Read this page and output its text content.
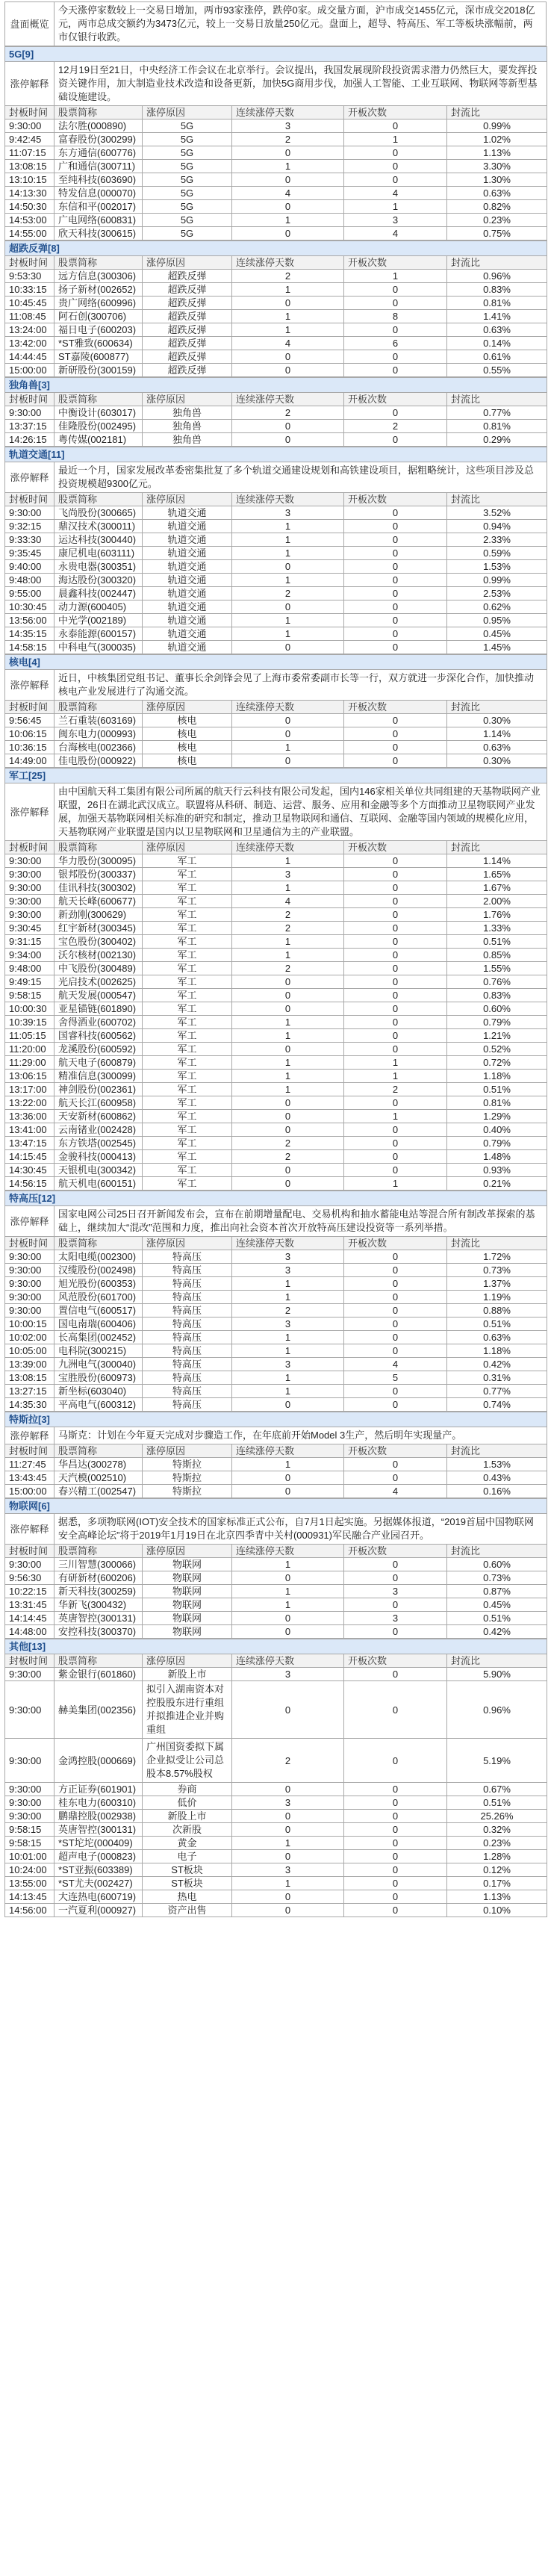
盘面概览	今天涨停家数较上一交易日增加，两市93家涨停，跌停0家。成交量方面，沪市成交1455亿元，深市成交2018亿元，两市总成交额约为3473亿元，较上一交易日放量250亿元。盘面上，超导、特高压、军工等板块涨幅前，两市仅银行收跌。
5G[9]					
涨停解释	12月19日至21日，中央经济工作会议在北京举行。会议提出，我国发展现阶段投资需求潜力仍然巨大，要发挥投资关键作用，加大制造业技术改造和设备更新，加快5G商用步伐，加强人工智能、工业互联网、物联网等新型基础设施建设。				
封板时间	股票简称	涨停原因	连续涨停天数	开板次数	封流比
9:30:00	法尔胜(000890)	5G	3	0	0.99%
9:42:45	富春股份(300299)	5G	2	1	1.02%
11:07:15	东方通信(600776)	5G	0	0	1.13%
13:08:15	广和通信(300711)	5G	1	0	3.30%
13:10:15	至纯科技(603690)	5G	0	0	1.30%
14:13:30	特发信息(000070)	5G	4	4	0.63%
14:50:30	东信和平(002017)	5G	0	1	0.82%
14:53:00	广电网络(600831)	5G	1	3	0.23%
14:55:00	欣天科技(300615)	5G	0	4	0.75%
超跌反弹[8]					
封板时间	股票简称	涨停原因	连续涨停天数	开板次数	封流比
9:53:30	远方信息(300306)	超跌反弹	2	1	0.96%
10:33:15	扬子新材(002652)	超跌反弹	1	0	0.83%
10:45:45	贵广网络(600996)	超跌反弹	0	0	0.81%
11:08:45	阿石创(300706)	超跌反弹	1	8	1.41%
13:24:00	福日电子(600203)	超跌反弹	1	0	0.63%
13:42:00	*ST雅致(600634)	超跌反弹	4	6	0.14%
14:44:45	ST嘉陵(600877)	超跌反弹	0	0	0.61%
15:00:00	新研股份(300159)	超跌反弹	0	0	0.55%
独角兽[3]					
封板时间	股票简称	涨停原因	连续涨停天数	开板次数	封流比
9:30:00	中衡设计(603017)	独角兽	2	0	0.77%
13:37:15	佳隆股份(002495)	独角兽	0	2	0.81%
14:26:15	粤传媒(002181)	独角兽	0	0	0.29%
轨道交通[11]					
涨停解释	最近一个月，国家发展改革委密集批复了多个轨道交通建设规划和高铁建设项目，据粗略统计，这些项目涉及总投资规模超9300亿元。				
封板时间	股票简称	涨停原因	连续涨停天数	开板次数	封流比
9:30:00	飞尚股份(300665)	轨道交通	3	0	3.52%
9:32:15	鼎汉技术(300011)	轨道交通	1	0	0.94%
9:33:30	运达科技(300440)	轨道交通	1	0	2.33%
9:35:45	康尼机电(603111)	轨道交通	1	0	0.59%
9:40:00	永贵电器(300351)	轨道交通	0	0	1.53%
9:48:00	海达股份(300320)	轨道交通	1	0	0.99%
9:55:00	晨鑫科技(002447)	轨道交通	2	0	2.53%
10:30:45	动力源(600405)	轨道交通	0	0	0.62%
13:56:00	中光学(002189)	轨道交通	1	0	0.95%
14:35:15	永泰能源(600157)	轨道交通	1	0	0.45%
14:58:15	中科电气(300035)	轨道交通	0	0	1.45%
核电[4]					
涨停解释	近日，中核集团党组书记、董事长余剑锋会见了上海市委常委副市长等一行，双方就进一步深化合作，加快推动核电产业发展进行了沟通交流。				
封板时间	股票简称	涨停原因	连续涨停天数	开板次数	封流比
9:56:45	兰石重装(603169)	核电	0	0	0.30%
10:06:15	闽东电力(000993)	核电	0	0	1.14%
10:36:15	台海核电(002366)	核电	1	0	0.63%
14:49:00	佳电股份(000922)	核电	0	0	0.30%
军工[25]					
涨停解释	由中国航天科工集团有限公司所属的航天行云科技有限公司发起，国内146家相关单位共同组建的天基物联网产业联盟，26日在湖北武汉成立。联盟将从科研、制造、运营、服务、应用和金融等多个方面推动卫星物联网产业发展，加强天基物联网相关标准的研究和制定，推动卫星物联网和通信、互联网、金融等国内领域的规模化应用，天基物联网产业联盟是国内以卫星物联网和卫星通信为主的产业联盟。				
封板时间	股票简称	涨停原因	连续涨停天数	开板次数	封流比
9:30:00	华力股份(300095)	军工	1	0	1.14%
9:30:00	银邦股份(300337)	军工	3	0	1.65%
9:30:00	佳讯科技(300302)	军工	1	0	1.67%
9:30:00	航天长峰(600677)	军工	4	0	2.00%
9:30:00	新劲刚(300629)	军工	2	0	1.76%
9:30:45	红宇新材(300345)	军工	2	0	1.33%
9:31:15	宝色股份(300402)	军工	1	0	0.51%
9:34:00	沃尔核材(002130)	军工	1	0	0.85%
9:48:00	中飞股份(300489)	军工	2	0	1.55%
9:49:15	光启技术(002625)	军工	0	0	0.76%
9:58:15	航天发展(000547)	军工	0	0	0.83%
10:00:30	亚星锚链(601890)	军工	0	0	0.60%
10:39:15	舍得酒业(600702)	军工	1	0	0.79%
11:05:15	国睿科技(600562)	军工	1	0	1.21%
11:20:00	龙溪股份(600592)	军工	0	0	0.52%
11:29:00	航天电子(600879)	军工	1	1	0.72%
13:06:15	精准信息(300099)	军工	1	1	1.18%
13:17:00	神剑股份(002361)	军工	1	2	0.51%
13:22:00	航天长江(600958)	军工	0	0	0.81%
13:36:00	天安新材(600862)	军工	0	1	1.29%
13:41:00	云南锗业(002428)	军工	0	0	0.40%
13:47:15	东方铁塔(002545)	军工	2	0	0.79%
14:15:45	金骏科技(000413)	军工	2	0	1.48%
14:30:45	天银机电(300342)	军工	0	0	0.93%
14:56:15	航天机电(600151)	军工	0	1	0.21%
特高压[12]					
涨停解释	国家电网公司25日召开新闻发布会，宣布在前期增量配电、交易机构和抽水蓄能电站等混合所有制改革探索的基础上，继续加大“混改”范围和力度，推出向社会资本首次开放特高压建设投资等一系列举措。				
封板时间	股票简称	涨停原因	连续涨停天数	开板次数	封流比
9:30:00	太阳电缆(002300)	特高压	3	0	1.72%
9:30:00	汉缆股份(002498)	特高压	3	0	0.73%
9:30:00	旭光股份(600353)	特高压	1	0	1.37%
9:30:00	风范股份(601700)	特高压	1	0	1.19%
9:30:00	置信电气(600517)	特高压	2	0	0.88%
10:00:15	国电南瑞(600406)	特高压	3	0	0.51%
10:02:00	长高集团(002452)	特高压	1	0	0.63%
10:05:00	电科院(300215)	特高压	1	0	1.18%
13:39:00	九洲电气(300040)	特高压	3	4	0.42%
13:08:15	宝胜股份(600973)	特高压	1	5	0.31%
13:27:15	新坐标(603040)	特高压	1	0	0.77%
14:35:30	平高电气(600312)	特高压	0	0	0.74%
特斯拉[3]					
涨停解释	马斯克：计划在今年夏天完成对步骤造工作，在年底前开始Model 3生产，然后明年实现量产。				
封板时间	股票简称	涨停原因	连续涨停天数	开板次数	封流比
11:27:45	华昌达(300278)	特斯拉	1	0	1.53%
13:43:45	天汽模(002510)	特斯拉	0	0	0.43%
15:00:00	春兴精工(002547)	特斯拉	0	4	0.16%
物联网[6]					
涨停解释	据悉，多项物联网(IOT)安全技术的国家标准正式公布，自7月1日起实施。另据媒体报道，“2019首届中国物联网安全高峰论坛”将于2019年1月19日在北京四季青中关村(000931)军民融合产业园召开。				
封板时间	股票简称	涨停原因	连续涨停天数	开板次数	封流比
9:30:00	三川智慧(300066)	物联网	1	0	0.60%
9:56:30	有研新材(600206)	物联网	0	0	0.73%
10:22:15	新天科技(300259)	物联网	1	3	0.87%
13:31:45	华新飞(300432)	物联网	1	0	0.45%
14:14:45	英唐智控(300131)	物联网	0	3	0.51%
14:48:00	安控科技(300370)	物联网	0	0	0.42%
其他[13]					
封板时间	股票简称	涨停原因	连续涨停天数	开板次数	封流比
9:30:00	紫金银行(601860)	新股上市	3	0	5.90%
9:30:00	赫美集团(002356)	拟引入湖南资本对控股股东进行重组并拟推进企业并购重组	0	0	0.96%
9:30:00	金鸿控股(000669)	广州国资委拟下属企业拟受让公司总股本8.57%股权	2	0	5.19%
9:30:00	方正证券(601901)	券商	0	0	0.67%
9:30:00	桂东电力(600310)	低价	3	0	0.51%
9:30:00	鹏鼎控股(002938)	新股上市	0	0	25.26%
9:58:15	英唐智控(300131)	次新股	0	0	0.32%
9:58:15	*ST坨坨(000409)	黄金	1	0	0.23%
10:01:00	超声电子(000823)	电子	0	0	1.28%
10:24:00	*ST亚振(603389)	ST板块	3	0	0.12%
13:55:00	*ST尤夫(002427)	ST板块	1	0	0.17%
14:13:45	大连热电(600719)	热电	0	0	1.13%
14:56:00	一汽夏利(000927)	资产出售	0	0	0.10%
